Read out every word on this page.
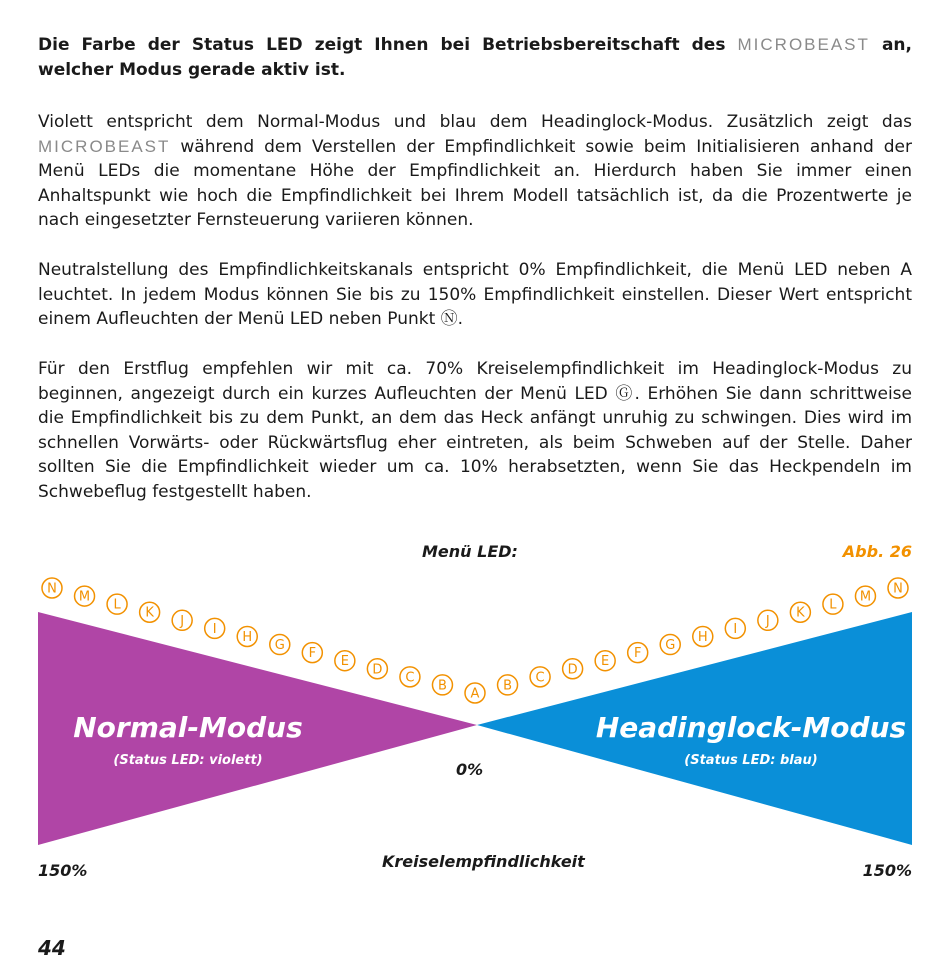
Die Farbe der Status LED zeigt Ihnen bei Betriebsbereitschaft des MICROBEAST an, welcher Modus gerade aktiv ist.

Violett entspricht dem Normal-Modus und blau dem Headinglock-Modus. Zusätzlich zeigt das MICROBEAST während dem Verstellen der Empfindlichkeit sowie beim Initialisieren anhand der Menü LEDs die momentane Höhe der Empfindlichkeit an. Hierdurch haben Sie immer einen Anhaltspunkt wie hoch die Empfindlichkeit bei Ihrem Modell tatsächlich ist, da die Prozentwerte je nach eingesetzter Fernsteuerung variieren können.

Neutralstellung des Empfindlichkeitskanals entspricht 0% Empfindlichkeit, die Menü LED neben A leuchtet. In jedem Modus können Sie bis zu 150% Empfindlichkeit einstellen. Dieser Wert entspricht einem Aufleuchten der Menü LED neben Punkt Ⓝ.

Für den Erstflug empfehlen wir mit ca. 70% Kreiselempfindlichkeit im Headinglock-Modus zu beginnen, angezeigt durch ein kurzes Aufleuchten der Menü LED Ⓖ. Erhöhen Sie dann schrittweise die Empfindlichkeit bis zu dem Punkt, an dem das Heck anfängt unruhig zu schwingen. Dies wird im schnellen Vorwärts- oder Rückwärtsflug eher eintreten, als beim Schweben auf der Stelle. Daher sollten Sie die Empfindlichkeit wieder um ca. 10% herabsetzten, wenn Sie das Heckpendeln im Schwebeflug festgestellt haben.

Menü LED:	Abb. 26
Normal-Modus
(Status LED: violett)
Headinglock-Modus
(Status LED: blau)
N
M
L
K
J
I
H
G
F
E
D
C
B
A
B
C
D
E
F
G
H
I
J
K
L
M
N
0%
Kreiselempfindlichkeit
150%	150%
44
